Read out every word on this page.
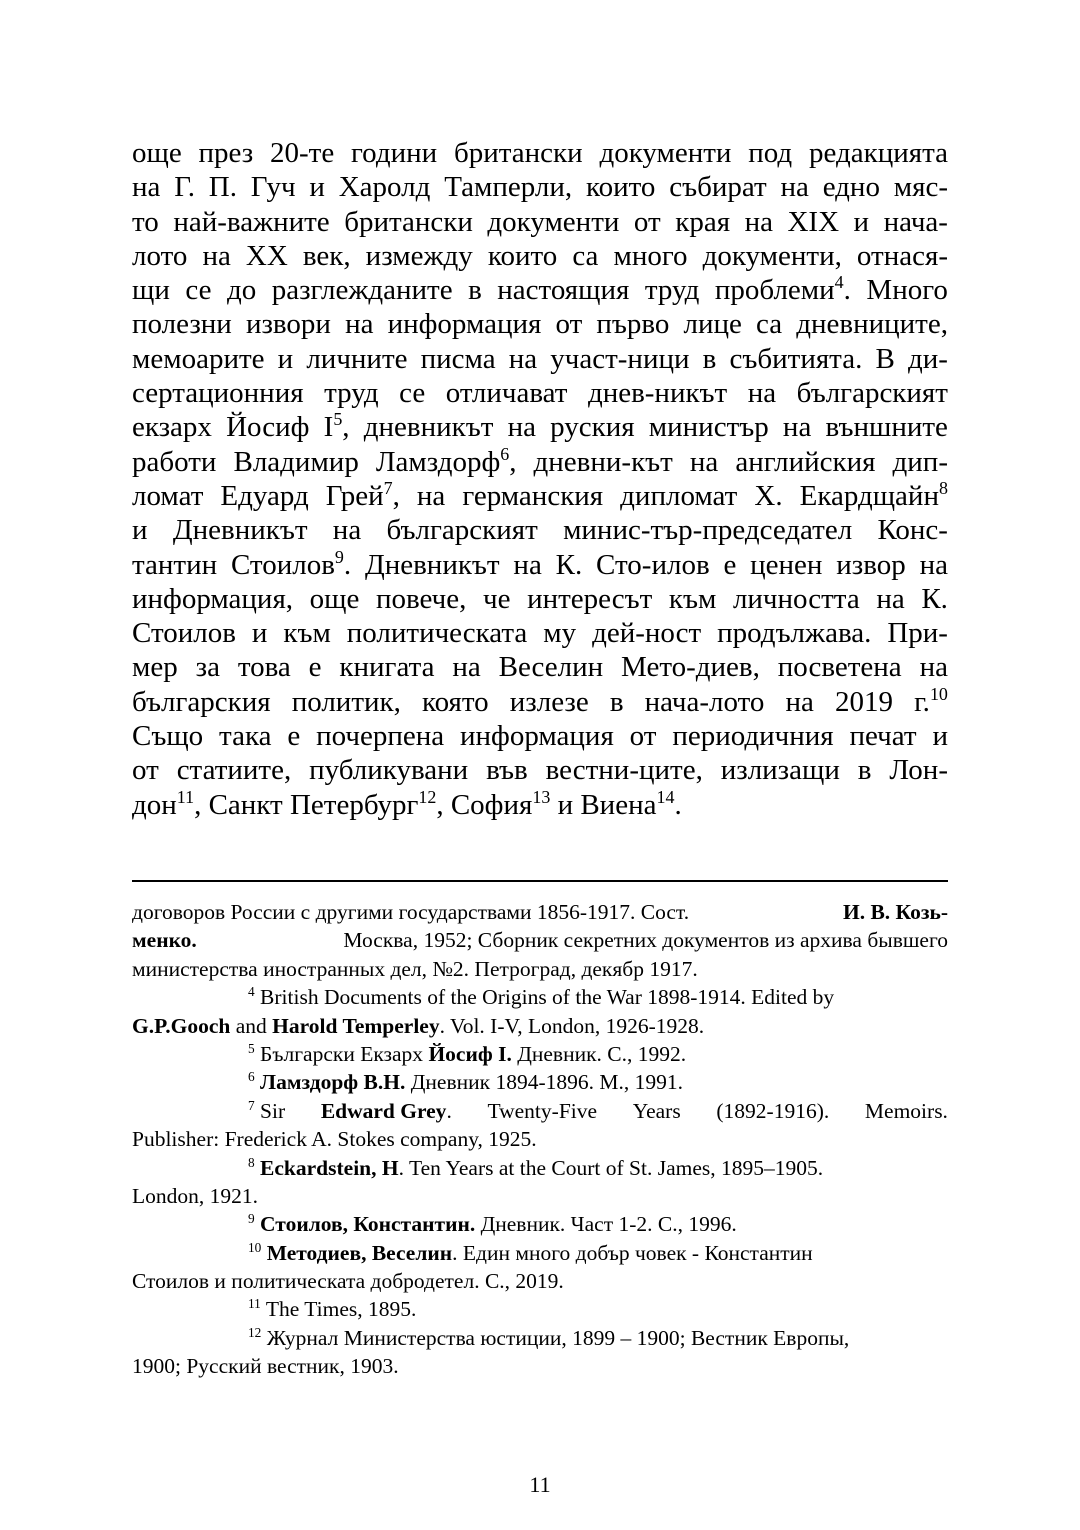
още през 20-те години британски документи под редакцията
на Г. П. Гуч и Харолд Тамперли, които събират на едно мяс-
то най-важните британски документи от края на XIX и нача-
лото на XX век, измежду които са много документи, отнася-
щи се до разглежданите в настоящия труд проблеми$^4$. Много
полезни извори на информация от първо лице са дневниците,
мемоарите и личните писма на участ-ници в събитията. В ди-
сертационния труд се отличават днев-никът на българският
екзарх Йосиф $I^5$, дневникът на руския министър на външните
работи Владимир Ламздорф$^6$, дневни-кът на английския дип-
ломат Едуард Грей$^7$, на германския дипломат Х. Екардщайн$^8$
и Дневникът на българският минис-тър-председател Конс-
тантин Стоилов$^9$. Дневникът на К. Сто-илов е ценен извор на
информация, още повече, че интересът към личността на К.
Стоилов и към политическата му дей-ност продължава. При-
мер за това е книгата на Веселин Мето-диев, посветена на
българския политик, която излезе в нача-лото на 2019 г.$^{10}$
Също така е почерпена информация от периодичния печат и
от статиите, публикувани във вестни-ците, излизащи в Лон-
дон$^{11}$, Санкт Петербург$^{12}$, София$^{13}$ и Виена$^{14}$.
договоров России с другими государствами 1856-1917. Сост.	И. В. Козь-
менко.	Москва, 1952; Сборник секретних документов из архива бывшего
министерства иностранных дел, №2. Петроград, декябр 1917.
$^4$ British Documents of the Origins of the War 1898-1914. Edited by
G.P.Gooch and Harold Temperley. Vol. I-V, London, 1926-1928.
$^5$ Български Екзарх Йосиф I. Дневник. С., 1992.
$^6$ Ламздорф В.Н. Дневник 1894-1896. М., 1991.
$^7$ Sir Edward Grey. Twenty-Five Years (1892-1916). Memoirs.
Publisher: Frederick A. Stokes company, 1925.
$^8$ Eckardstein, H. Ten Years at the Court of St. James, 1895–1905.
London, 1921.
$^9$ Стоилов, Константин. Дневник. Част 1-2. С., 1996.
$^{10}$ Методиев, Веселин. Един много добър човек - Константин
Стоилов и политическата добродетел. С., 2019.
$^{11}$ The Times, 1895.
$^{12}$ Журнал Министерства юстиции, 1899 – 1900; Вестник Европы,
1900; Русский вестник, 1903.
11
